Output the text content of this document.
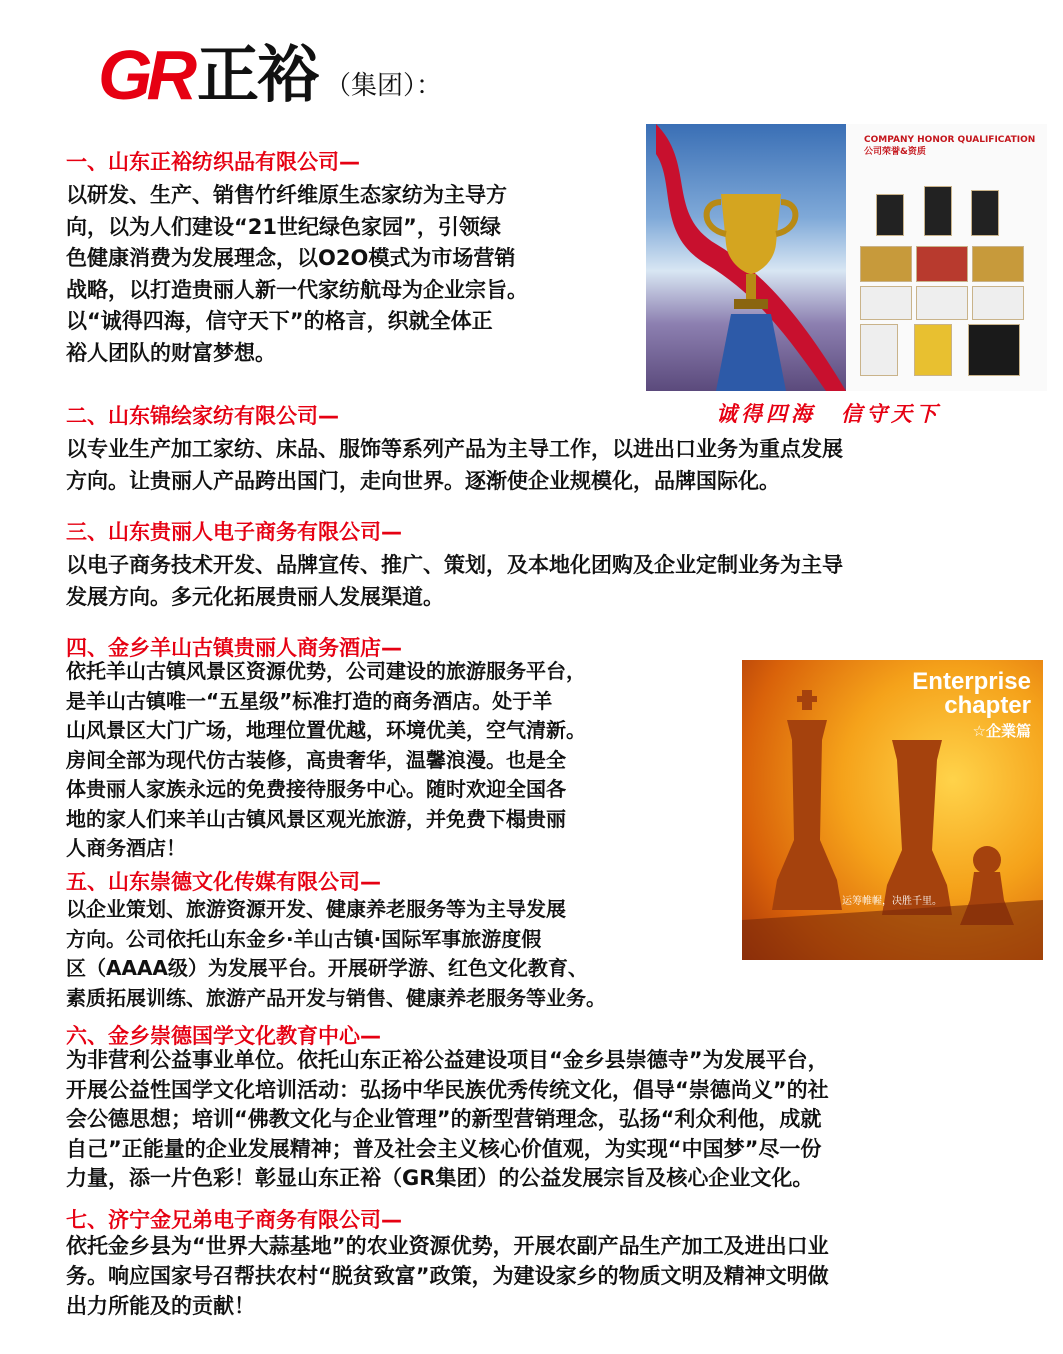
GR 正裕 （集团）：
一、山东正裕纺织品有限公司—
以研发、生产、销售竹纤维原生态家纺为主导方
向，以为人们建设“21世纪绿色家园”，引领绿
色健康消费为发展理念，以O2O模式为市场营销
战略，以打造贵丽人新一代家纺航母为企业宗旨。
以“诚得四海，信守天下”的格言，织就全体正
裕人团队的财富梦想。
COMPANY HONOR QUALIFICATION
公司荣誉&资质
诚得四海　信守天下
二、山东锦绘家纺有限公司—
以专业生产加工家纺、床品、服饰等系列产品为主导工作，以进出口业务为重点发展
方向。让贵丽人产品跨出国门，走向世界。逐渐使企业规模化，品牌国际化。
三、山东贵丽人电子商务有限公司—
以电子商务技术开发、品牌宣传、推广、策划，及本地化团购及企业定制业务为主导
发展方向。多元化拓展贵丽人发展渠道。
四、金乡羊山古镇贵丽人商务酒店—
依托羊山古镇风景区资源优势，公司建设的旅游服务平台，
是羊山古镇唯一“五星级”标准打造的商务酒店。处于羊
山风景区大门广场，地理位置优越，环境优美，空气清新。
房间全部为现代仿古装修，高贵奢华，温馨浪漫。也是全
体贵丽人家族永远的免费接待服务中心。随时欢迎全国各
地的家人们来羊山古镇风景区观光旅游，并免费下榻贵丽
人商务酒店！
Enterprise
chapter
☆企業篇
运筹帷幄，决胜千里。
五、山东崇德文化传媒有限公司—
以企业策划、旅游资源开发、健康养老服务等为主导发展
方向。公司依托山东金乡·羊山古镇·国际军事旅游度假
区（AAAA级）为发展平台。开展研学游、红色文化教育、
素质拓展训练、旅游产品开发与销售、健康养老服务等业务。
六、金乡崇德国学文化教育中心—
为非营利公益事业单位。依托山东正裕公益建设项目“金乡县崇德寺”为发展平台，
开展公益性国学文化培训活动：弘扬中华民族优秀传统文化，倡导“崇德尚义”的社
会公德思想；培训“佛教文化与企业管理”的新型营销理念，弘扬“利众利他，成就
自己”正能量的企业发展精神；普及社会主义核心价值观，为实现“中国梦”尽一份
力量，添一片色彩！彰显山东正裕（GR集团）的公益发展宗旨及核心企业文化。
七、济宁金兄弟电子商务有限公司—
依托金乡县为“世界大蒜基地”的农业资源优势，开展农副产品生产加工及进出口业
务。响应国家号召帮扶农村“脱贫致富”政策，为建设家乡的物质文明及精神文明做
出力所能及的贡献！
